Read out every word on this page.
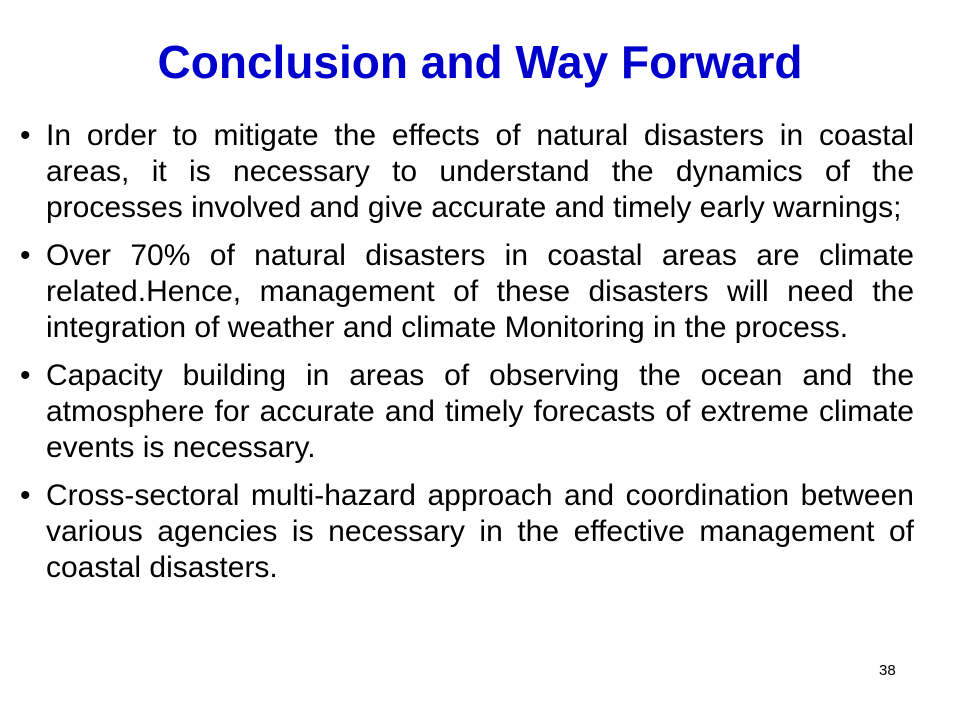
Conclusion and Way Forward
• In order to mitigate the effects of natural disasters in coastal areas, it is necessary to understand the dynamics of the processes involved and give accurate and timely early warnings;
• Over 70% of natural disasters in coastal areas are climate related.Hence, management of these disasters will need the integration of weather and climate Monitoring in the process.
• Capacity building in areas of observing the ocean and the atmosphere for accurate and timely forecasts of extreme climate events is necessary.
• Cross-sectoral multi-hazard approach and coordination between various agencies is necessary in the effective management of coastal disasters.
38
